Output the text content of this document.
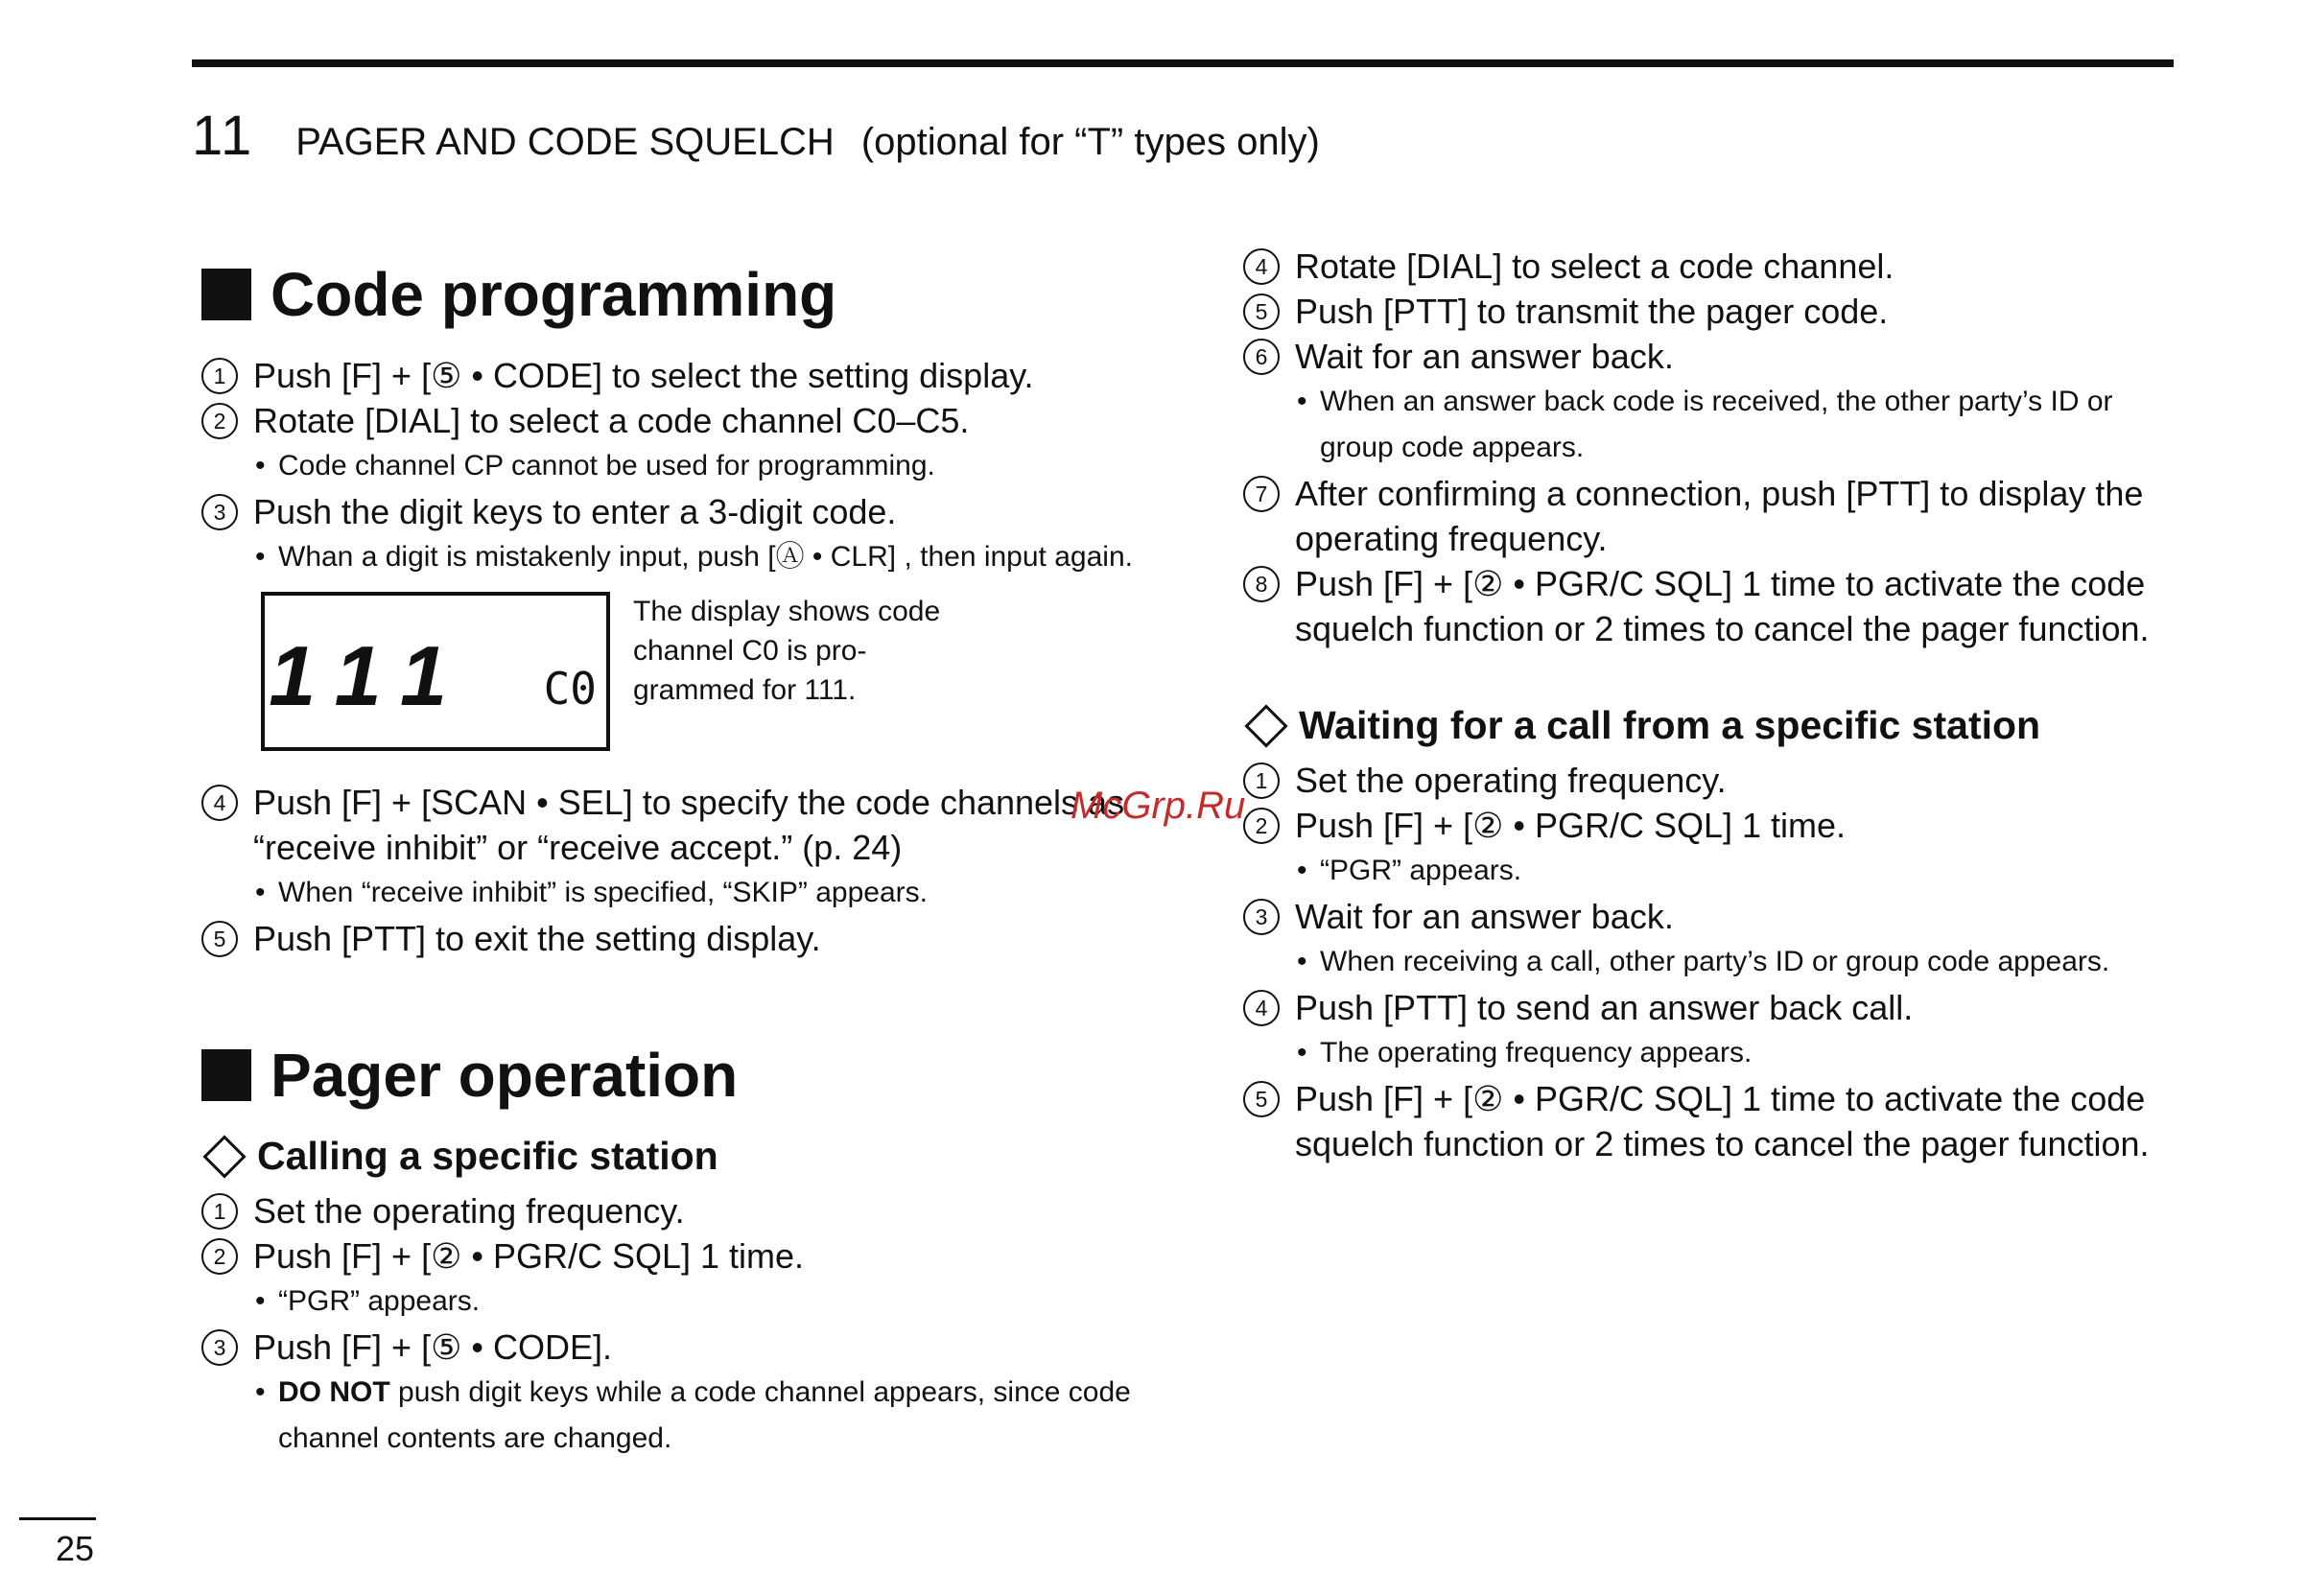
11 PAGER AND CODE SQUELCH (optional for “T” types only)
Code programming
1 Push [F] + [⑤ • CODE] to select the setting display.
2 Rotate [DIAL] to select a code channel C0–C5.
• Code channel CP cannot be used for programming.
3 Push the digit keys to enter a 3-digit code.
• Whan a digit is mistakenly input, push [Ⓐ • CLR] , then input again.
111 C0
The display shows code channel C0 is pro-grammed for 111.
4 Push [F] + [SCAN • SEL] to specify the code channels as “receive inhibit” or “receive accept.” (p. 24)
• When “receive inhibit” is specified, “SKIP” appears.
5 Push [PTT] to exit the setting display.
Pager operation
Calling a specific station
1 Set the operating frequency.
2 Push [F] + [② • PGR/C SQL] 1 time.
• “PGR” appears.
3 Push [F] + [⑤ • CODE].
• DO NOT push digit keys while a code channel appears, since code channel contents are changed.
4 Rotate [DIAL] to select a code channel.
5 Push [PTT] to transmit the pager code.
6 Wait for an answer back.
• When an answer back code is received, the other party’s ID or group code appears.
7 After confirming a connection, push [PTT] to display the operating frequency.
8 Push [F] + [② • PGR/C SQL] 1 time to activate the code squelch function or 2 times to cancel the pager function.
Waiting for a call from a specific station
1 Set the operating frequency.
2 Push [F] + [② • PGR/C SQL] 1 time.
• “PGR” appears.
3 Wait for an answer back.
• When receiving a call, other party’s ID or group code appears.
4 Push [PTT] to send an answer back call.
• The operating frequency appears.
5 Push [F] + [② • PGR/C SQL] 1 time to activate the code squelch function or 2 times to cancel the pager function.
McGrp.Ru
25
